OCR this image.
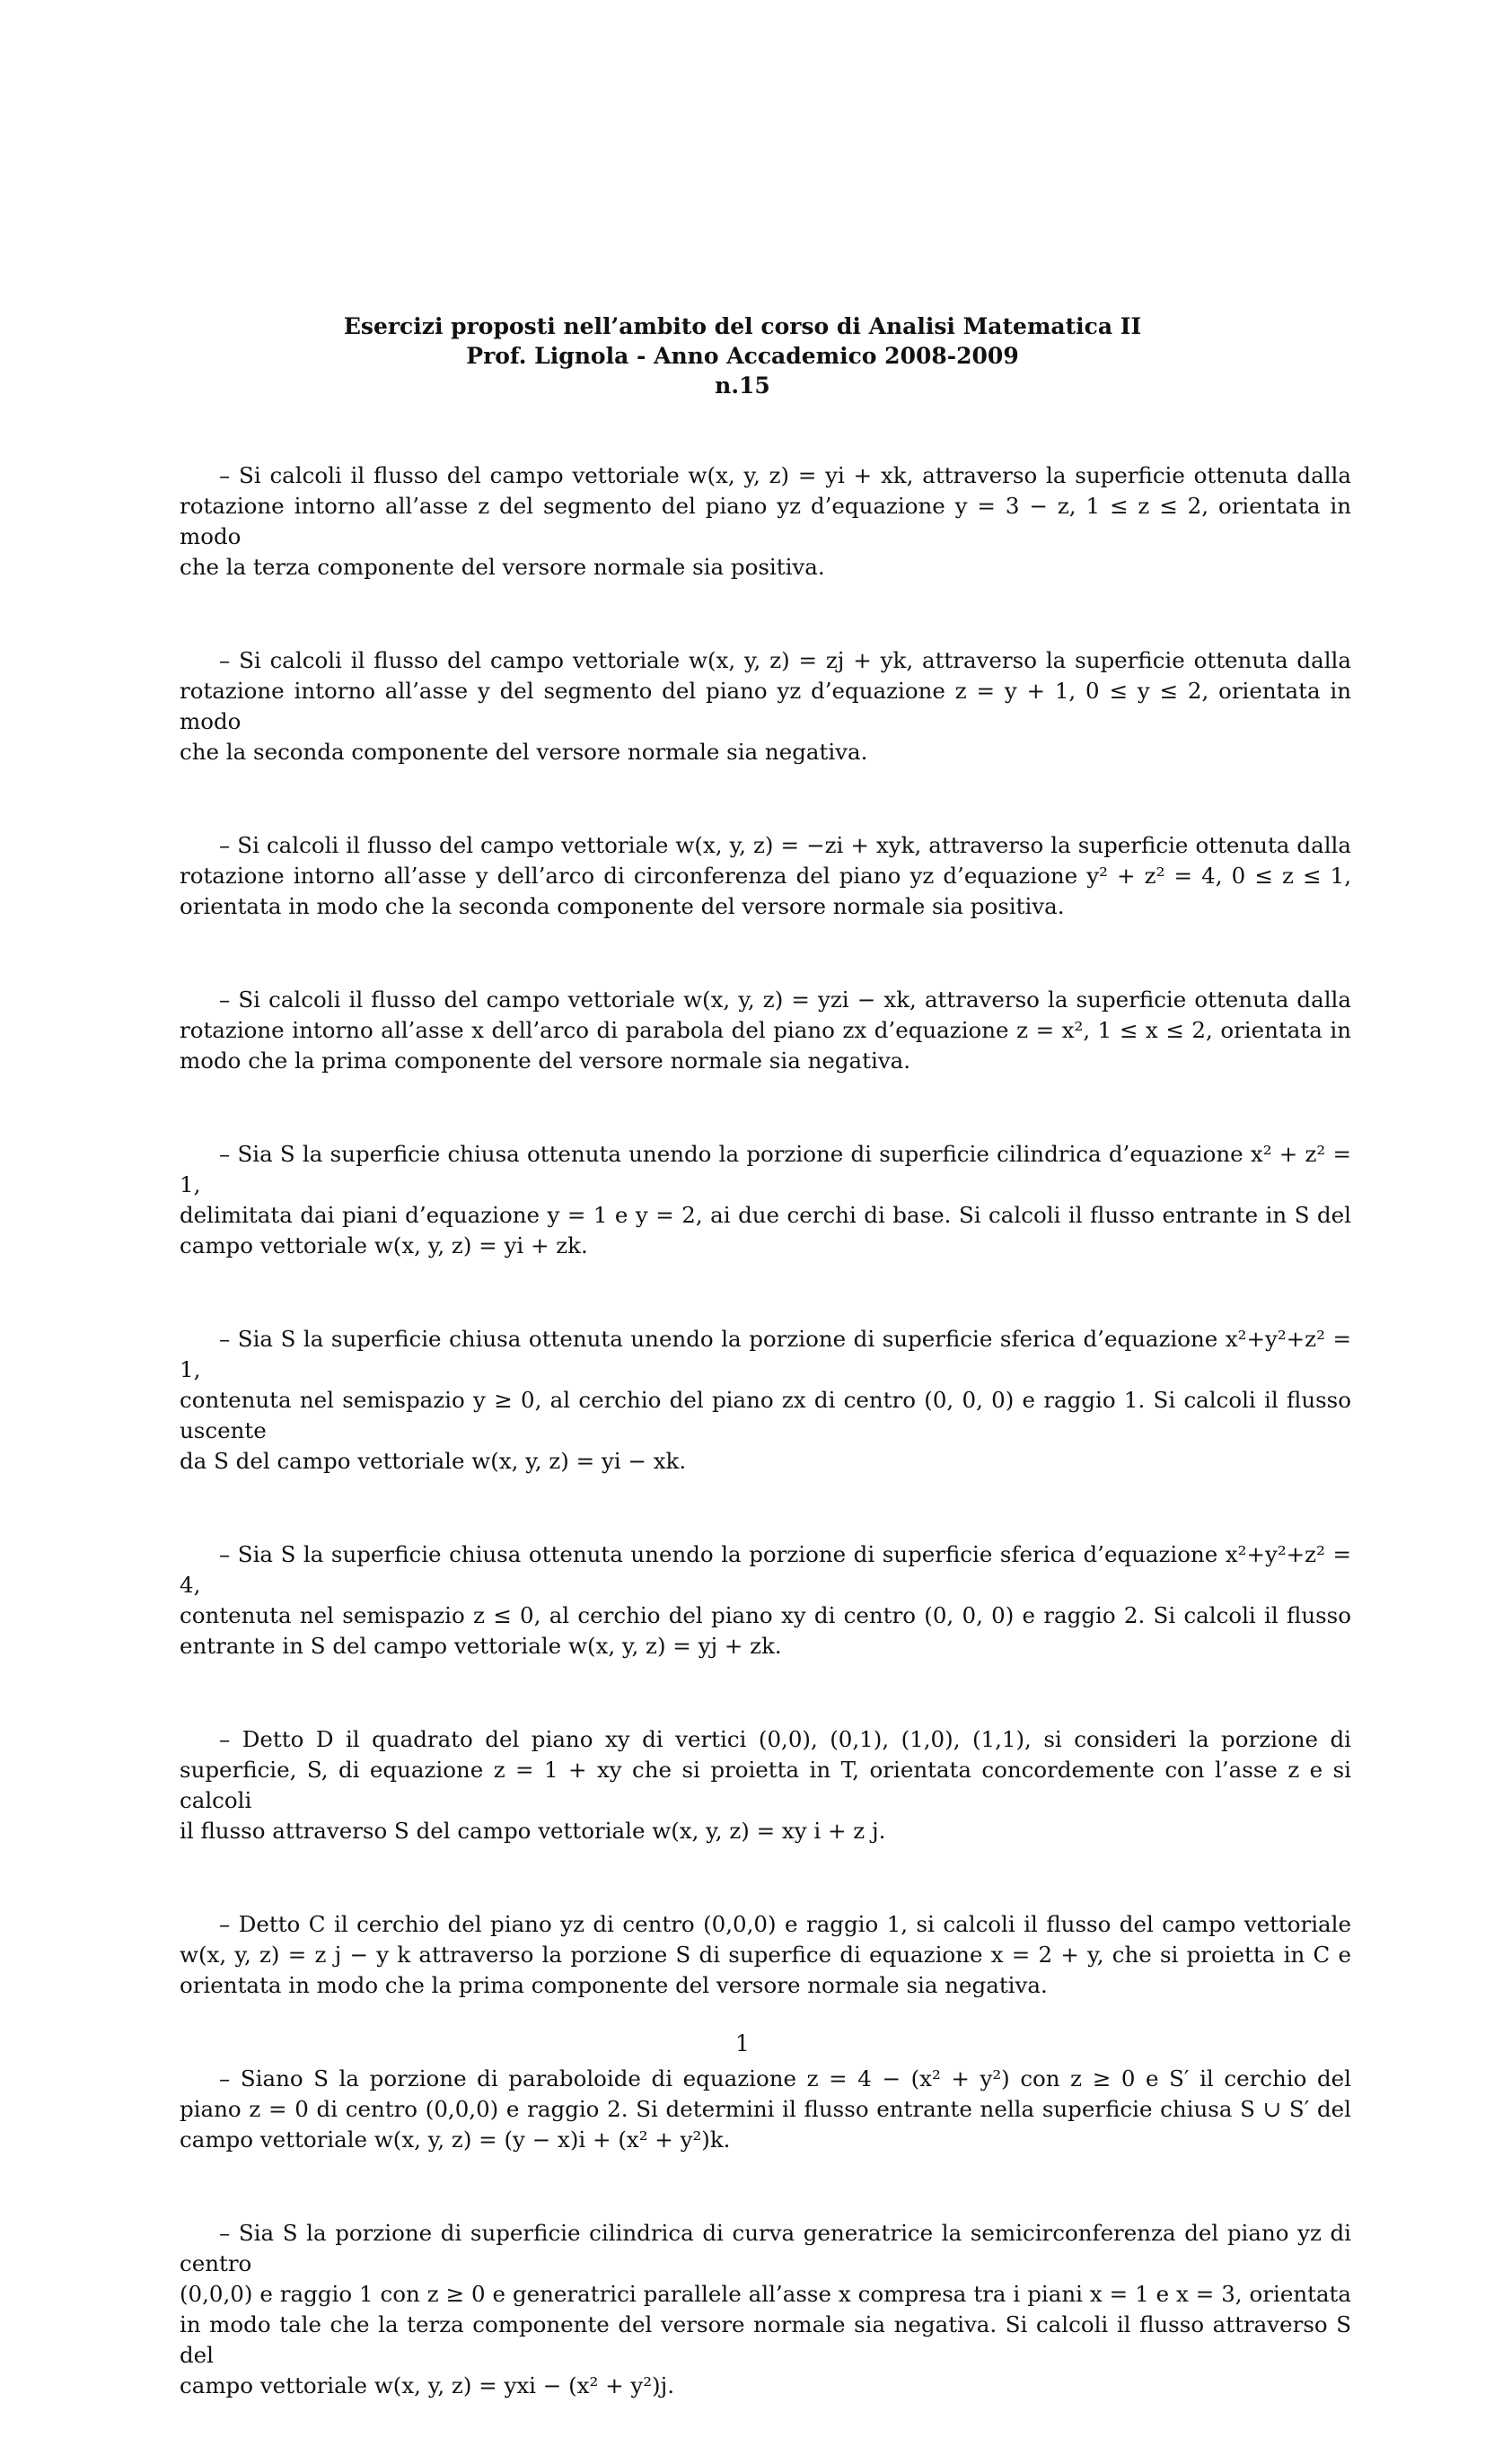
Esercizi proposti nell’ambito del corso di Analisi Matematica II
Prof. Lignola - Anno Accademico 2008-2009
n.15
– Si calcoli il flusso del campo vettoriale w(x, y, z) = yi + xk, attraverso la superficie ottenuta dalla
rotazione intorno all’asse z del segmento del piano yz d’equazione y = 3 − z, 1 ≤ z ≤ 2, orientata in modo
che la terza componente del versore normale sia positiva.
– Si calcoli il flusso del campo vettoriale w(x, y, z) = zj + yk, attraverso la superficie ottenuta dalla
rotazione intorno all’asse y del segmento del piano yz d’equazione z = y + 1, 0 ≤ y ≤ 2, orientata in modo
che la seconda componente del versore normale sia negativa.
– Si calcoli il flusso del campo vettoriale w(x, y, z) = −zi + xyk, attraverso la superficie ottenuta dalla
rotazione intorno all’asse y dell’arco di circonferenza del piano yz d’equazione y² + z² = 4, 0 ≤ z ≤ 1,
orientata in modo che la seconda componente del versore normale sia positiva.
– Si calcoli il flusso del campo vettoriale w(x, y, z) = yzi − xk, attraverso la superficie ottenuta dalla
rotazione intorno all’asse x dell’arco di parabola del piano zx d’equazione z = x², 1 ≤ x ≤ 2, orientata in
modo che la prima componente del versore normale sia negativa.
– Sia S la superficie chiusa ottenuta unendo la porzione di superficie cilindrica d’equazione x² + z² = 1,
delimitata dai piani d’equazione y = 1 e y = 2, ai due cerchi di base. Si calcoli il flusso entrante in S del
campo vettoriale w(x, y, z) = yi + zk.
– Sia S la superficie chiusa ottenuta unendo la porzione di superficie sferica d’equazione x²+y²+z² = 1,
contenuta nel semispazio y ≥ 0, al cerchio del piano zx di centro (0, 0, 0) e raggio 1. Si calcoli il flusso uscente
da S del campo vettoriale w(x, y, z) = yi − xk.
– Sia S la superficie chiusa ottenuta unendo la porzione di superficie sferica d’equazione x²+y²+z² = 4,
contenuta nel semispazio z ≤ 0, al cerchio del piano xy di centro (0, 0, 0) e raggio 2. Si calcoli il flusso
entrante in S del campo vettoriale w(x, y, z) = yj + zk.
– Detto D il quadrato del piano xy di vertici (0,0), (0,1), (1,0), (1,1), si consideri la porzione di
superficie, S, di equazione z = 1 + xy che si proietta in T, orientata concordemente con l’asse z e si calcoli
il flusso attraverso S del campo vettoriale w(x, y, z) = xy i + z j.
– Detto C il cerchio del piano yz di centro (0,0,0) e raggio 1, si calcoli il flusso del campo vettoriale
w(x, y, z) = z j − y k attraverso la porzione S di superfice di equazione x = 2 + y, che si proietta in C e
orientata in modo che la prima componente del versore normale sia negativa.
– Siano S la porzione di paraboloide di equazione z = 4 − (x² + y²) con z ≥ 0 e S′ il cerchio del
piano z = 0 di centro (0,0,0) e raggio 2. Si determini il flusso entrante nella superficie chiusa S ∪ S′ del
campo vettoriale w(x, y, z) = (y − x)i + (x² + y²)k.
– Sia S la porzione di superficie cilindrica di curva generatrice la semicirconferenza del piano yz di centro
(0,0,0) e raggio 1 con z ≥ 0 e generatrici parallele all’asse x compresa tra i piani x = 1 e x = 3, orientata
in modo tale che la terza componente del versore normale sia negativa. Si calcoli il flusso attraverso S del
campo vettoriale w(x, y, z) = yxi − (x² + y²)j.
1
